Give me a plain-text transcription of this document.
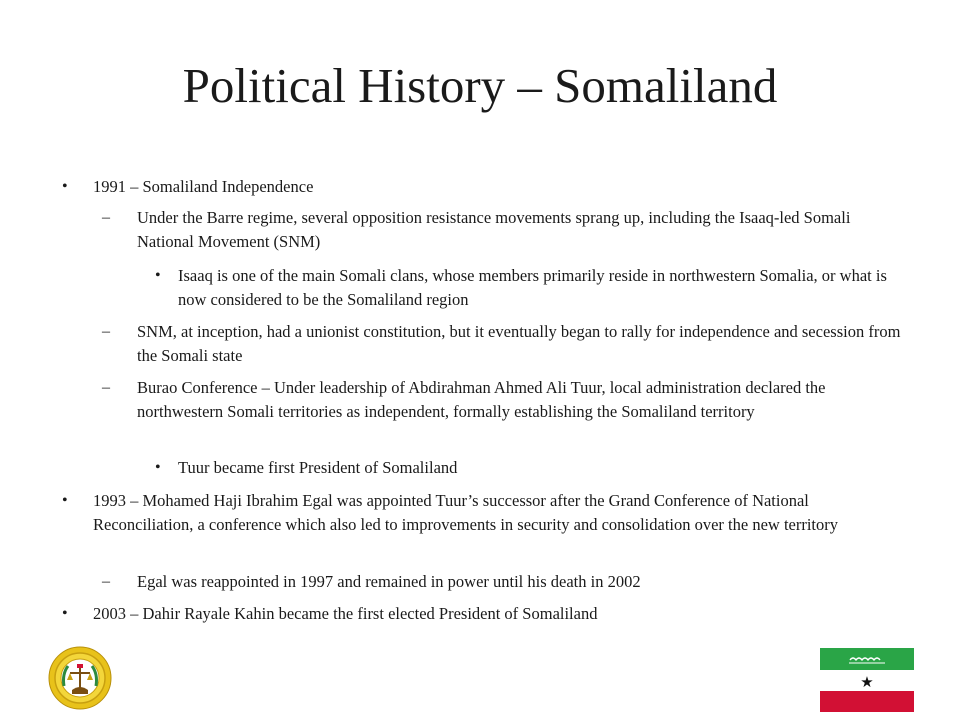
Political History – Somaliland
• 1991 – Somaliland Independence
– Under the Barre regime, several opposition resistance movements sprang up, including the Isaaq-led Somali National Movement (SNM)
• Isaaq is one of the main Somali clans, whose members primarily reside in northwestern Somalia, or what is now considered to be the Somaliland region
– SNM, at inception, had a unionist constitution, but it eventually began to rally for independence and secession from the Somali state
– Burao Conference – Under leadership of Abdirahman Ahmed Ali Tuur, local administration declared the northwestern Somali territories as independent, formally establishing the Somaliland territory
• Tuur became first President of Somaliland
• 1993 – Mohamed Haji Ibrahim Egal was appointed Tuur’s successor after the Grand Conference of National Reconciliation, a conference which also led to improvements in security and consolidation over the new territory
– Egal was reappointed in 1997 and remained in power until his death in 2002
• 2003 – Dahir Rayale Kahin became the first elected President of Somaliland
★
